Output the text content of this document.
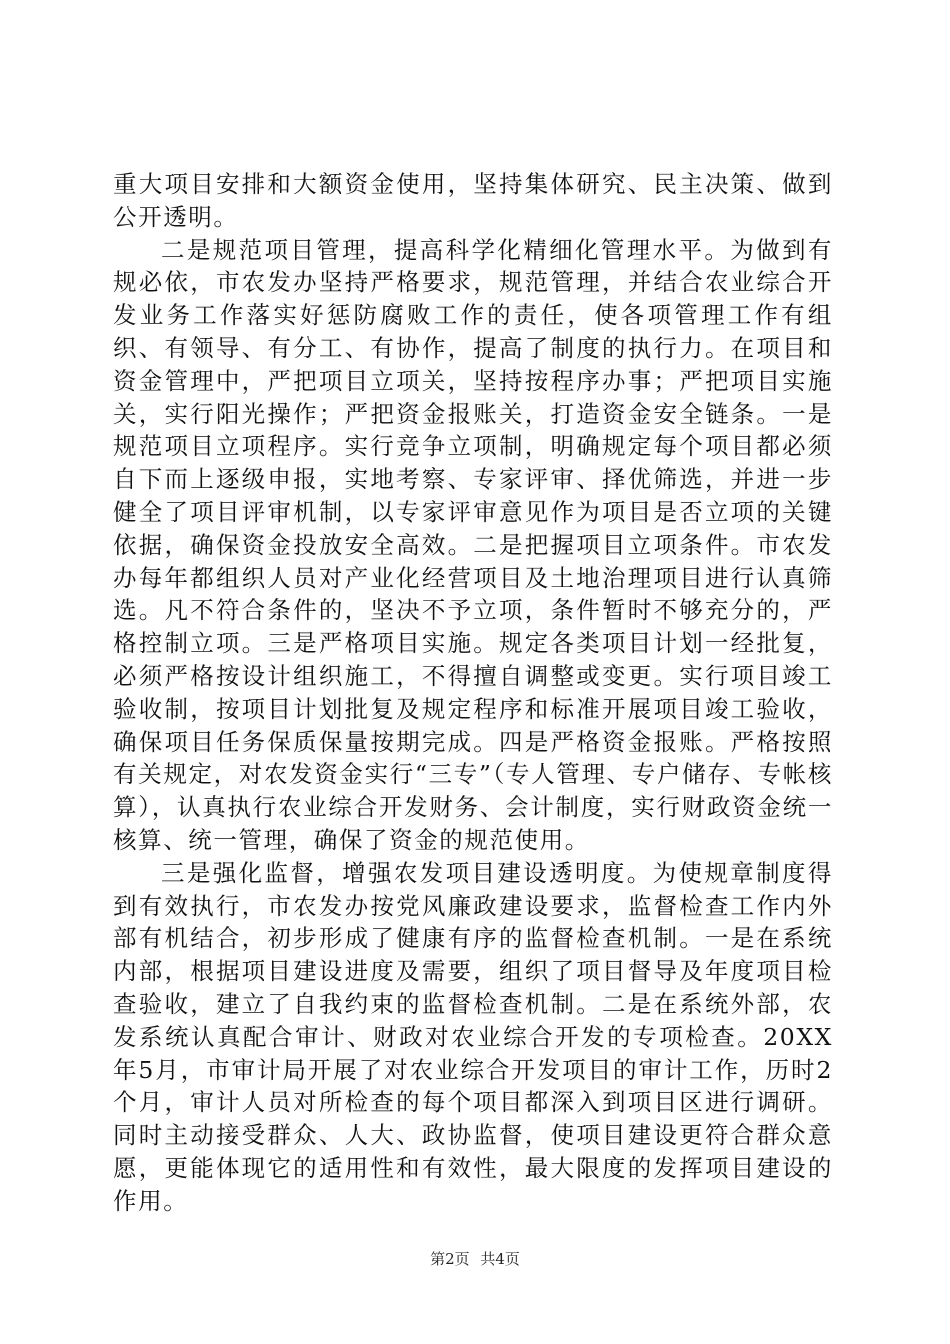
重大项目安排和大额资金使用，坚持集体研究、民主决策、做到公开透明。

二是规范项目管理，提高科学化精细化管理水平。为做到有规必依，市农发办坚持严格要求，规范管理，并结合农业综合开发业务工作落实好惩防腐败工作的责任，使各项管理工作有组织、有领导、有分工、有协作，提高了制度的执行力。在项目和资金管理中，严把项目立项关，坚持按程序办事；严把项目实施关，实行阳光操作；严把资金报账关，打造资金安全链条。一是规范项目立项程序。实行竞争立项制，明确规定每个项目都必须自下而上逐级申报，实地考察、专家评审、择优筛选，并进一步健全了项目评审机制，以专家评审意见作为项目是否立项的关键依据，确保资金投放安全高效。二是把握项目立项条件。市农发办每年都组织人员对产业化经营项目及土地治理项目进行认真筛选。凡不符合条件的，坚决不予立项，条件暂时不够充分的，严格控制立项。三是严格项目实施。规定各类项目计划一经批复，必须严格按设计组织施工，不得擅自调整或变更。实行项目竣工验收制，按项目计划批复及规定程序和标准开展项目竣工验收，确保项目任务保质保量按期完成。四是严格资金报账。严格按照有关规定，对农发资金实行“三专”（专人管理、专户储存、专帐核算），认真执行农业综合开发财务、会计制度，实行财政资金统一核算、统一管理，确保了资金的规范使用。

三是强化监督，增强农发项目建设透明度。为使规章制度得到有效执行，市农发办按党风廉政建设要求，监督检查工作内外部有机结合，初步形成了健康有序的监督检查机制。一是在系统内部，根据项目建设进度及需要，组织了项目督导及年度项目检查验收，建立了自我约束的监督检查机制。二是在系统外部，农发系统认真配合审计、财政对农业综合开发的专项检查。20XX年5月，市审计局开展了对农业综合开发项目的审计工作，历时2个月，审计人员对所检查的每个项目都深入到项目区进行调研。同时主动接受群众、人大、政协监督，使项目建设更符合群众意愿，更能体现它的适用性和有效性，最大限度的发挥项目建设的作用。

第2页 共4页
